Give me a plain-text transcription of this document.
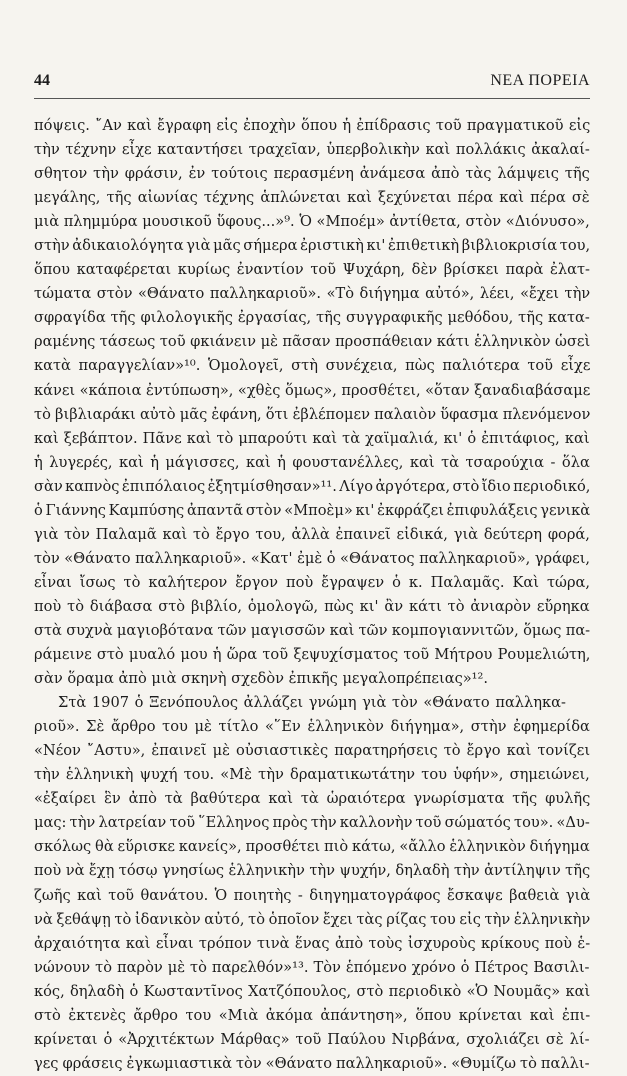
44	ΝΕΑ ΠΟΡΕΙΑ
πόψεις. ῎Αν καὶ ἔγραφη εἰς ἐποχὴν ὅπου ἡ ἐπίδρασις τοῦ πραγματικοῦ εἰς
τὴν τέχνην εἶχε καταντήσει τραχεῖαν, ὑπερβολικὴν καὶ πολλάκις ἀκαλαί-
σθητον τὴν φράσιν, ἐν τούτοις περασμένη ἀνάμεσα ἀπὸ τὰς λάμψεις τῆς
μεγάλης, τῆς αἰωνίας τέχνης ἁπλώνεται καὶ ξεχύνεται πέρα καὶ πέρα σὲ
μιὰ πλημμύρα μουσικοῦ ὕφους...»⁹. Ὁ «Μποέμ» ἀντίθετα, στὸν «Διόνυσο»,
στὴν ἀδικαιολόγητα γιὰ μᾶς σήμερα ἐριστικὴ κι' ἐπιθετικὴ βιβλιοκρισία του,
ὅπου καταφέρεται κυρίως ἐναντίον τοῦ Ψυχάρη, δὲν βρίσκει παρὰ ἐλατ-
τώματα στὸν «Θάνατο παλληκαριοῦ». «Τὸ διήγημα αὐτό», λέει, «ἔχει τὴν
σφραγίδα τῆς φιλολογικῆς ἐργασίας, τῆς συγγραφικῆς μεθόδου, τῆς κατα-
ραμένης τάσεως τοῦ φκιάνειν μὲ πᾶσαν προσπάθειαν κάτι ἑλληνικὸν ὡσεὶ
κατὰ παραγγελίαν»¹⁰. Ὁμολογεῖ, στὴ συνέχεια, πὼς παλιότερα τοῦ εἶχε
κάνει «κάποια ἐντύπωση», «χθὲς ὅμως», προσθέτει, «ὅταν ξαναδιαβάσαμε
τὸ βιβλιαράκι αὐτὸ μᾶς ἐφάνη, ὅτι ἐβλέπομεν παλαιὸν ὕφασμα πλενόμενον
καὶ ξεβάπτον. Πᾶνε καὶ τὸ μπαρούτι καὶ τὰ χαϊμαλιά, κι' ὁ ἐπιτάφιος, καὶ
ἡ λυγερές, καὶ ἡ μάγισσες, καὶ ἡ φουστανέλλες, καὶ τὰ τσαρούχια - ὅλα
σὰν καπνὸς ἐπιπόλαιος ἐξητμίσθησαν»¹¹. Λίγο ἀργότερα, στὸ ἴδιο περιοδικό,
ὁ Γιάννης Καμπύσης ἀπαντᾶ στὸν «Μποὲμ» κι' ἐκφράζει ἐπιφυλάξεις γενικὰ
γιὰ τὸν Παλαμᾶ καὶ τὸ ἔργο του, ἀλλὰ ἐπαινεῖ εἰδικά, γιὰ δεύτερη φορά,
τὸν «Θάνατο παλληκαριοῦ». «Κατ' ἐμὲ ὁ «Θάνατος παλληκαριοῦ», γράφει,
εἶναι ἴσως τὸ καλήτερον ἔργον ποὺ ἔγραψεν ὁ κ. Παλαμᾶς. Καὶ τώρα,
ποὺ τὸ διάβασα στὸ βιβλίο, ὁμολογῶ, πὼς κι' ἂν κάτι τὸ ἀνιαρὸν εὔρηκα
στὰ συχνὰ μαγιοβότανα τῶν μαγισσῶν καὶ τῶν κομπογιαννιτῶν, ὅμως πα-
ράμεινε στὸ μυαλό μου ἡ ὥρα τοῦ ξεψυχίσματος τοῦ Μήτρου Ρουμελιώτη,
σὰν ὅραμα ἀπὸ μιὰ σκηνὴ σχεδὸν ἐπικῆς μεγαλοπρέπειας»¹².
Στὰ 1907 ὁ Ξενόπουλος ἀλλάζει γνώμη γιὰ τὸν «Θάνατο παλληκα-
ριοῦ». Σὲ ἄρθρο του μὲ τίτλο «῞Εν ἑλληνικὸν διήγημα», στὴν ἐφημερίδα
«Νέον ῎Αστυ», ἐπαινεῖ μὲ οὐσιαστικὲς παρατηρήσεις τὸ ἔργο καὶ τονίζει
τὴν ἑλληνικὴ ψυχή του. «Μὲ τὴν δραματικωτάτην του ὑφήν», σημειώνει,
«ἐξαίρει ἓν ἀπὸ τὰ βαθύτερα καὶ τὰ ὡραιότερα γνωρίσματα τῆς φυλῆς
μας: τὴν λατρείαν τοῦ ῞Ελληνος πρὸς τὴν καλλονὴν τοῦ σώματός του». «Δυ-
σκόλως θὰ εὕρισκε κανείς», προσθέτει πιὸ κάτω, «ἄλλο ἑλληνικὸν διήγημα
ποὺ νὰ ἔχῃ τόσῳ γνησίως ἑλληνικὴν τὴν ψυχήν, δηλαδὴ τὴν ἀντίληψιν τῆς
ζωῆς καὶ τοῦ θανάτου. Ὁ ποιητὴς - διηγηματογράφος ἔσκαψε βαθειὰ γιὰ
νὰ ξεθάψῃ τὸ ἰδανικὸν αὐτό, τὸ ὁποῖον ἔχει τὰς ρίζας του εἰς τὴν ἑλληνικὴν
ἀρχαιότητα καὶ εἶναι τρόπον τινὰ ἕνας ἀπὸ τοὺς ἰσχυροὺς κρίκους ποὺ ἑ-
νώνουν τὸ παρὸν μὲ τὸ παρελθόν»¹³. Τὸν ἑπόμενο χρόνο ὁ Πέτρος Βασιλι-
κός, δηλαδὴ ὁ Κωσταντῖνος Χατζόπουλος, στὸ περιοδικὸ «Ὁ Νουμᾶς» καὶ
στὸ ἐκτενὲς ἄρθρο του «Μιὰ ἀκόμα ἀπάντηση», ὅπου κρίνεται καὶ ἐπι-
κρίνεται ὁ «Ἀρχιτέκτων Μάρθας» τοῦ Παύλου Νιρβάνα, σχολιάζει σὲ λί-
γες φράσεις ἐγκωμιαστικὰ τὸν «Θάνατο παλληκαριοῦ». «Θυμίζω τὸ παλλι-
